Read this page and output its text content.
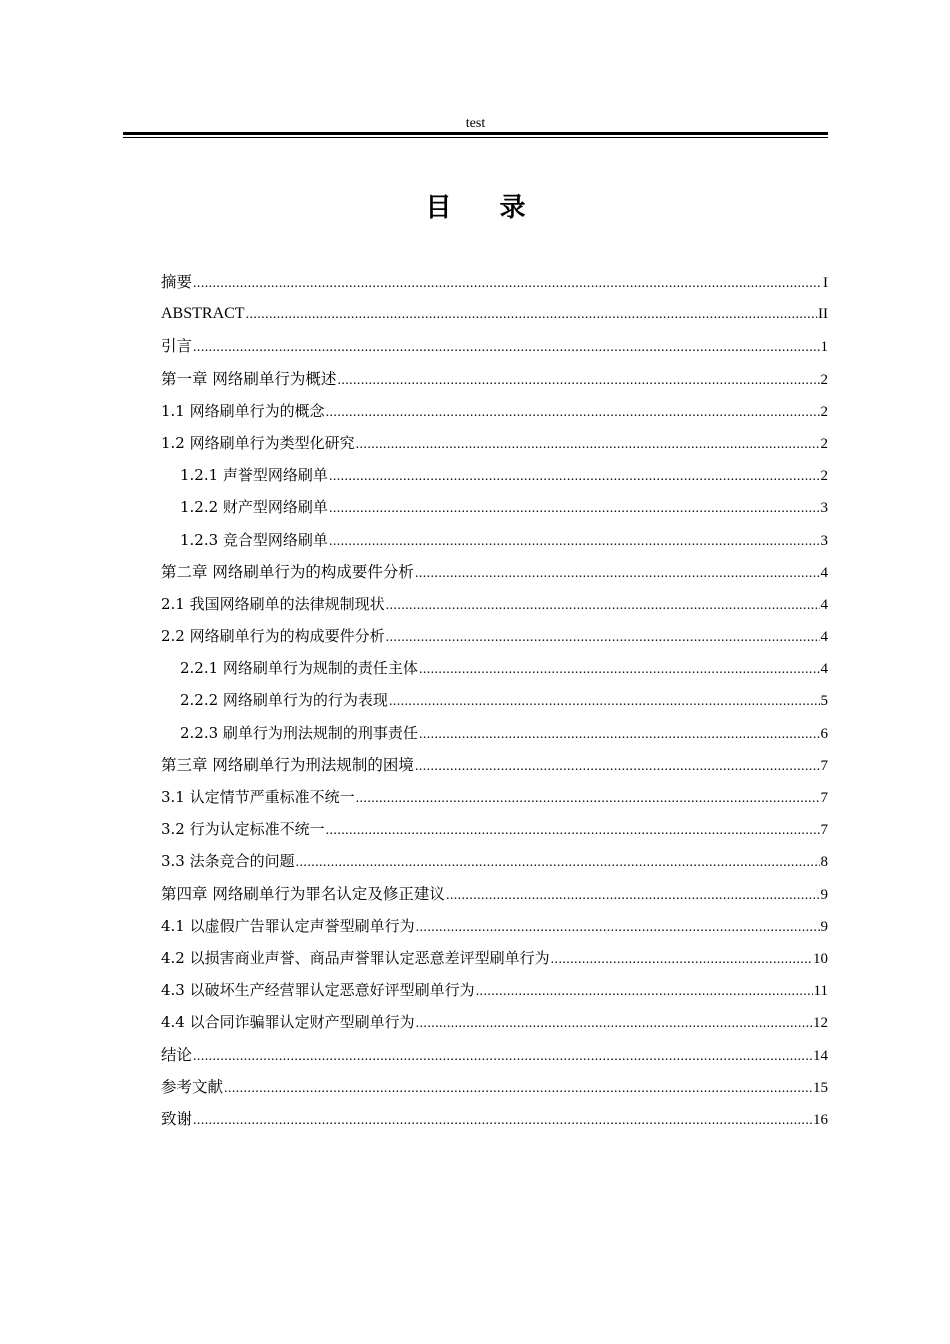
test
目 录
摘要 .....	I
ABSTRACT .....	II
引言 .....	1
第一章 网络刷单行为概述 .....	2
1.1 网络刷单行为的概念 .....	2
1.2 网络刷单行为类型化研究 .....	2
1.2.1 声誉型网络刷单 .....	2
1.2.2 财产型网络刷单 .....	3
1.2.3 竞合型网络刷单 .....	3
第二章 网络刷单行为的构成要件分析 .....	4
2.1 我国网络刷单的法律规制现状 .....	4
2.2 网络刷单行为的构成要件分析 .....	4
2.2.1 网络刷单行为规制的责任主体 .....	4
2.2.2 网络刷单行为的行为表现 .....	5
2.2.3 刷单行为刑法规制的刑事责任 .....	6
第三章 网络刷单行为刑法规制的困境 .....	7
3.1 认定情节严重标准不统一 .....	7
3.2 行为认定标准不统一 .....	7
3.3 法条竞合的问题 .....	8
第四章 网络刷单行为罪名认定及修正建议 .....	9
4.1 以虚假广告罪认定声誉型刷单行为 .....	9
4.2 以损害商业声誉、商品声誉罪认定恶意差评型刷单行为 .....	10
4.3 以破坏生产经营罪认定恶意好评型刷单行为 .....	11
4.4 以合同诈骗罪认定财产型刷单行为 .....	12
结论 .....	14
参考文献 .....	15
致谢 .....	16
